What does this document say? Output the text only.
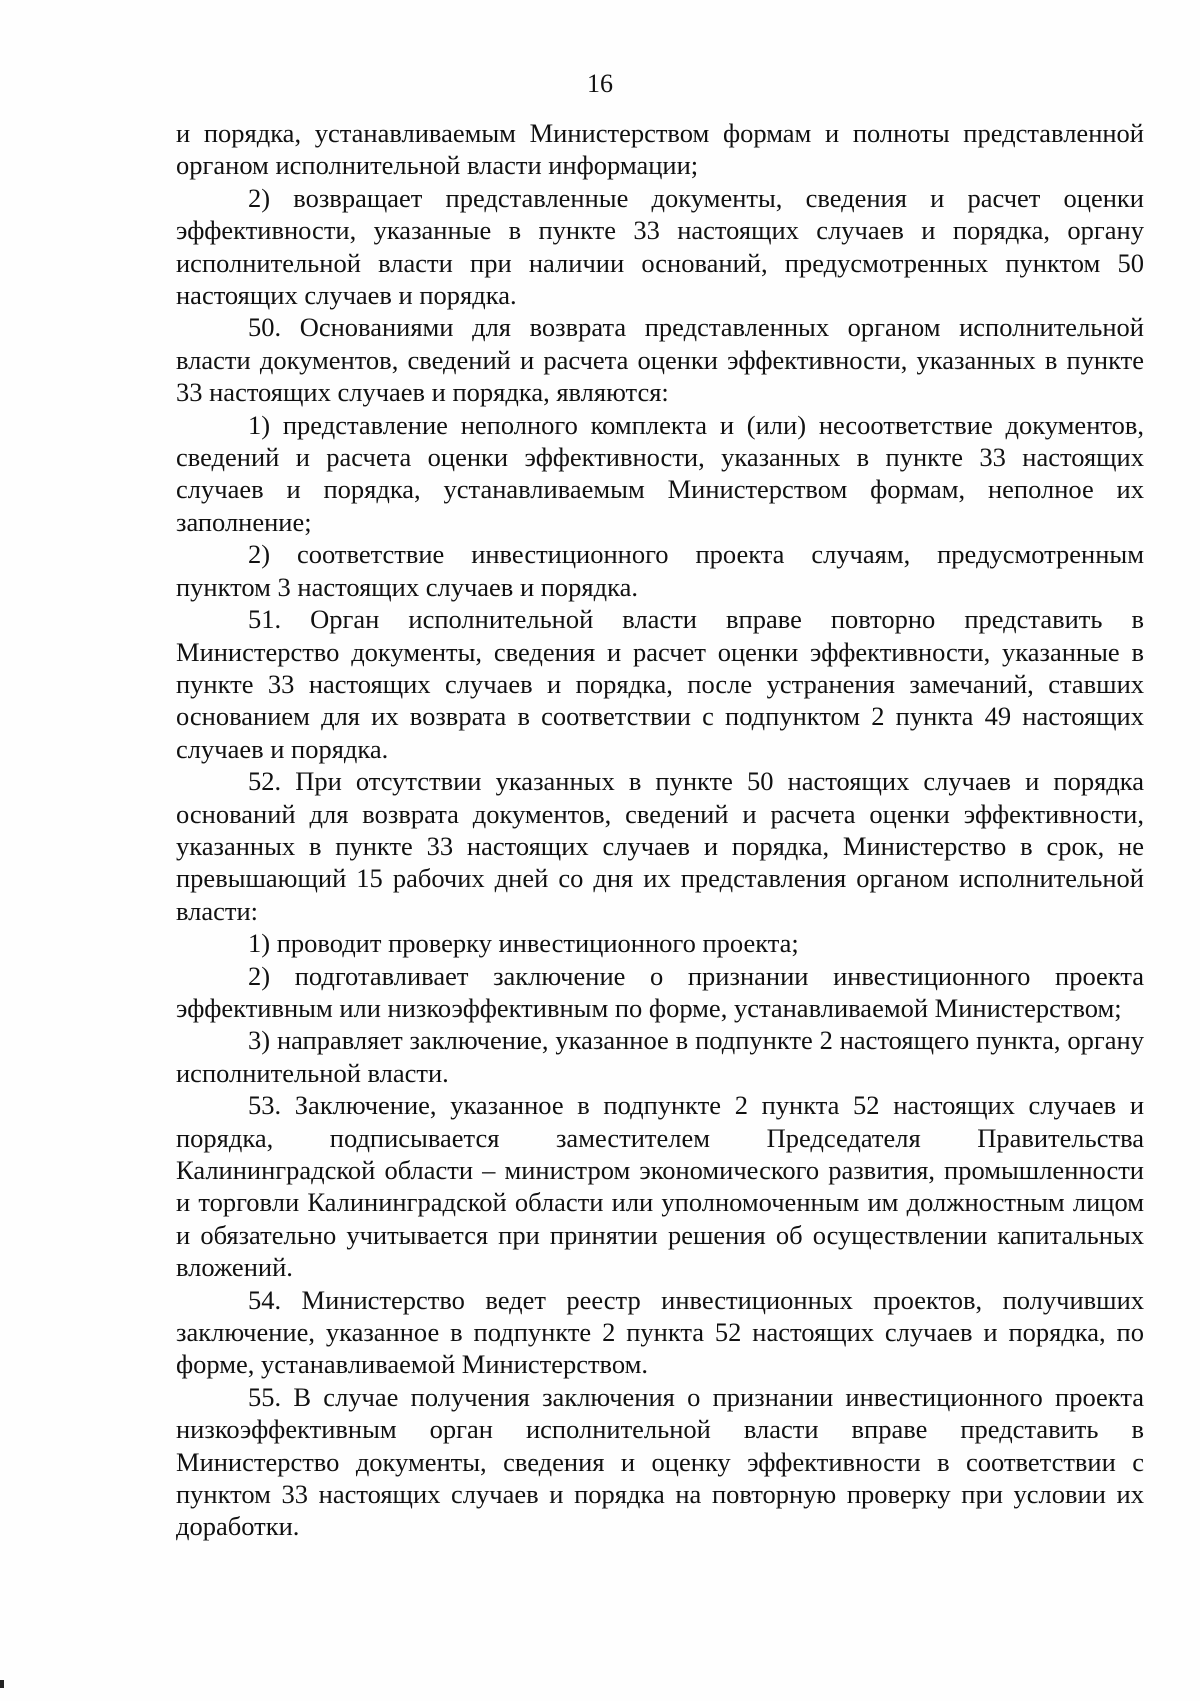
16

и порядка, устанавливаемым Министерством формам и полноты представленной органом исполнительной власти информации;

2) возвращает представленные документы, сведения и расчет оценки эффективности, указанные в пункте 33 настоящих случаев и порядка, органу исполнительной власти при наличии оснований, предусмотренных пунктом 50 настоящих случаев и порядка.

50. Основаниями для возврата представленных органом исполнительной власти документов, сведений и расчета оценки эффективности, указанных в пункте 33 настоящих случаев и порядка, являются:

1) представление неполного комплекта и (или) несоответствие документов, сведений и расчета оценки эффективности, указанных в пункте 33 настоящих случаев и порядка, устанавливаемым Министерством формам, неполное их заполнение;

2) соответствие инвестиционного проекта случаям, предусмотренным пунктом 3 настоящих случаев и порядка.

51. Орган исполнительной власти вправе повторно представить в Министерство документы, сведения и расчет оценки эффективности, указанные в пункте 33 настоящих случаев и порядка, после устранения замечаний, ставших основанием для их возврата в соответствии с подпунктом 2 пункта 49 настоящих случаев и порядка.

52. При отсутствии указанных в пункте 50 настоящих случаев и порядка оснований для возврата документов, сведений и расчета оценки эффективности, указанных в пункте 33 настоящих случаев и порядка, Министерство в срок, не превышающий 15 рабочих дней со дня их представления органом исполнительной власти:

1) проводит проверку инвестиционного проекта;

2) подготавливает заключение о признании инвестиционного проекта эффективным или низкоэффективным по форме, устанавливаемой Министерством;

3) направляет заключение, указанное в подпункте 2 настоящего пункта, органу исполнительной власти.

53. Заключение, указанное в подпункте 2 пункта 52 настоящих случаев и порядка, подписывается заместителем Председателя Правительства Калининградской области – министром экономического развития, промышленности и торговли Калининградской области или уполномоченным им должностным лицом и обязательно учитывается при принятии решения об осуществлении капитальных вложений.

54. Министерство ведет реестр инвестиционных проектов, получивших заключение, указанное в подпункте 2 пункта 52 настоящих случаев и порядка, по форме, устанавливаемой Министерством.

55. В случае получения заключения о признании инвестиционного проекта низкоэффективным орган исполнительной власти вправе представить в Министерство документы, сведения и оценку эффективности в соответствии с пунктом 33 настоящих случаев и порядка на повторную проверку при условии их доработки.
